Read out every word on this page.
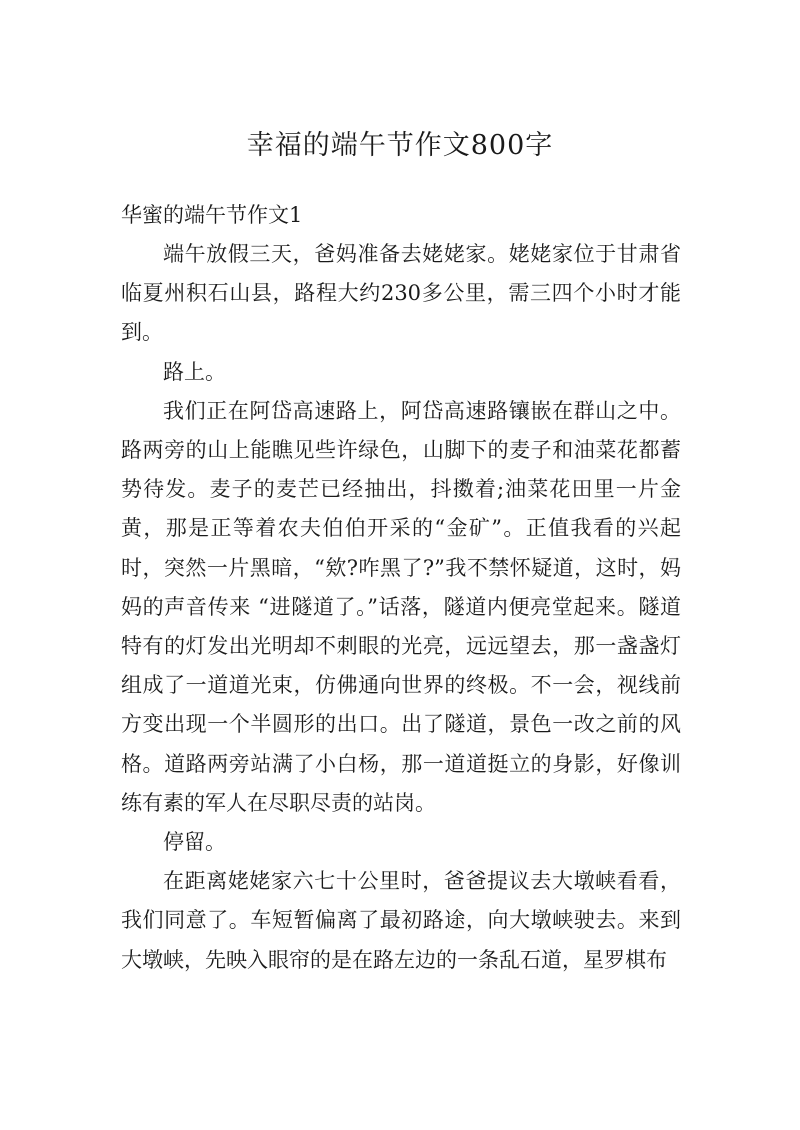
幸福的端午节作文800字
华蜜的端午节作文1

端午放假三天，爸妈准备去姥姥家。姥姥家位于甘肃省临夏州积石山县，路程大约230多公里，需三四个小时才能到。

路上。

我们正在阿岱高速路上，阿岱高速路镶嵌在群山之中。路两旁的山上能瞧见些许绿色，山脚下的麦子和油菜花都蓄势待发。麦子的麦芒已经抽出，抖擞着;油菜花田里一片金黄，那是正等着农夫伯伯开采的“金矿”。正值我看的兴起时，突然一片黑暗，“欸?咋黑了?”我不禁怀疑道，这时，妈妈的声音传来 “进隧道了。”话落，隧道内便亮堂起来。隧道特有的灯发出光明却不刺眼的光亮，远远望去，那一盏盏灯组成了一道道光束，仿佛通向世界的终极。不一会，视线前方变出现一个半圆形的出口。出了隧道，景色一改之前的风格。道路两旁站满了小白杨，那一道道挺立的身影，好像训练有素的军人在尽职尽责的站岗。

停留。

在距离姥姥家六七十公里时，爸爸提议去大墩峡看看，我们同意了。车短暂偏离了最初路途，向大墩峡驶去。来到大墩峡，先映入眼帘的是在路左边的一条乱石道，星罗棋布
